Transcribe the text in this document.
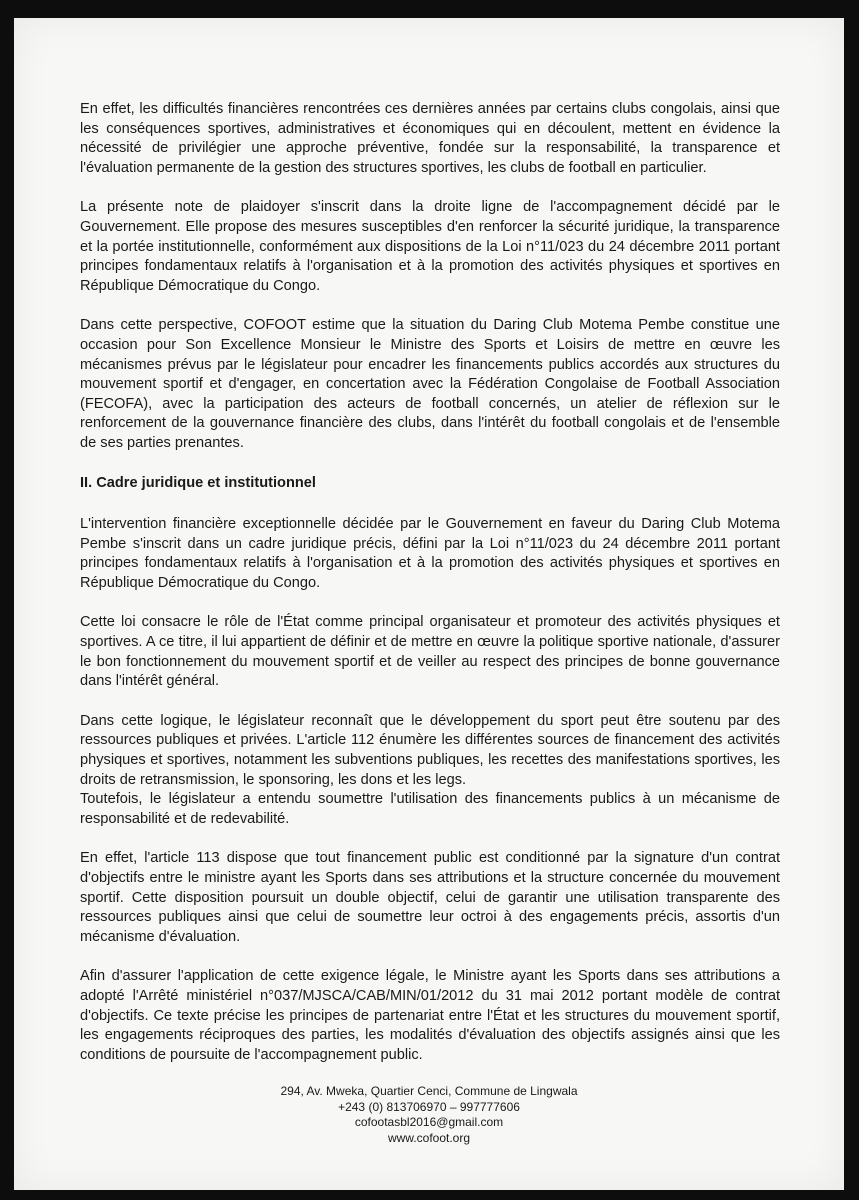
En effet, les difficultés financières rencontrées ces dernières années par certains clubs congolais, ainsi que les conséquences sportives, administratives et économiques qui en découlent, mettent en évidence la nécessité de privilégier une approche préventive, fondée sur la responsabilité, la transparence et l'évaluation permanente de la gestion des structures sportives, les clubs de football en particulier.

La présente note de plaidoyer s'inscrit dans la droite ligne de l'accompagnement décidé par le Gouvernement. Elle propose des mesures susceptibles d'en renforcer la sécurité juridique, la transparence et la portée institutionnelle, conformément aux dispositions de la Loi n°11/023 du 24 décembre 2011 portant principes fondamentaux relatifs à l'organisation et à la promotion des activités physiques et sportives en République Démocratique du Congo.

Dans cette perspective, COFOOT estime que la situation du Daring Club Motema Pembe constitue une occasion pour Son Excellence Monsieur le Ministre des Sports et Loisirs de mettre en œuvre les mécanismes prévus par le législateur pour encadrer les financements publics accordés aux structures du mouvement sportif et d'engager, en concertation avec la Fédération Congolaise de Football Association (FECOFA), avec la participation des acteurs de football concernés, un atelier de réflexion sur le renforcement de la gouvernance financière des clubs, dans l'intérêt du football congolais et de l'ensemble de ses parties prenantes.

II. Cadre juridique et institutionnel

L'intervention financière exceptionnelle décidée par le Gouvernement en faveur du Daring Club Motema Pembe s'inscrit dans un cadre juridique précis, défini par la Loi n°11/023 du 24 décembre 2011 portant principes fondamentaux relatifs à l'organisation et à la promotion des activités physiques et sportives en République Démocratique du Congo.

Cette loi consacre le rôle de l'État comme principal organisateur et promoteur des activités physiques et sportives. A ce titre, il lui appartient de définir et de mettre en œuvre la politique sportive nationale, d'assurer le bon fonctionnement du mouvement sportif et de veiller au respect des principes de bonne gouvernance dans l'intérêt général.

Dans cette logique, le législateur reconnaît que le développement du sport peut être soutenu par des ressources publiques et privées. L'article 112 énumère les différentes sources de financement des activités physiques et sportives, notamment les subventions publiques, les recettes des manifestations sportives, les droits de retransmission, le sponsoring, les dons et les legs.

Toutefois, le législateur a entendu soumettre l'utilisation des financements publics à un mécanisme de responsabilité et de redevabilité.

En effet, l'article 113 dispose que tout financement public est conditionné par la signature d'un contrat d'objectifs entre le ministre ayant les Sports dans ses attributions et la structure concernée du mouvement sportif. Cette disposition poursuit un double objectif, celui de garantir une utilisation transparente des ressources publiques ainsi que celui de soumettre leur octroi à des engagements précis, assortis d'un mécanisme d'évaluation.

Afin d'assurer l'application de cette exigence légale, le Ministre ayant les Sports dans ses attributions a adopté l'Arrêté ministériel n°037/MJSCA/CAB/MIN/01/2012 du 31 mai 2012 portant modèle de contrat d'objectifs. Ce texte précise les principes de partenariat entre l'État et les structures du mouvement sportif, les engagements réciproques des parties, les modalités d'évaluation des objectifs assignés ainsi que les conditions de poursuite de l'accompagnement public.

294, Av. Mweka, Quartier Cenci, Commune de Lingwala
+243 (0) 813706970 – 997777606
cofootasbl2016@gmail.com
www.cofoot.org
